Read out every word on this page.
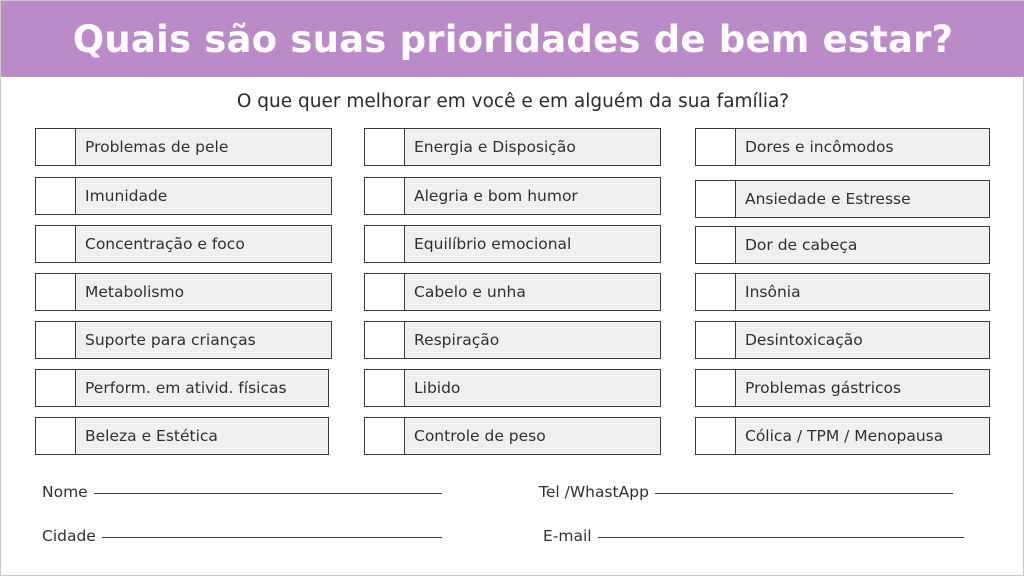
Quais são suas prioridades de bem estar?
O que quer melhorar em você e em alguém da sua família?
Problemas de pele
Imunidade
Concentração e foco
Metabolismo
Suporte para crianças
Perform. em ativid. físicas
Beleza e Estética
Energia e Disposição
Alegria e bom humor
Equilíbrio emocional
Cabelo e unha
Respiração
Libido
Controle de peso
Dores e incômodos
Ansiedade e Estresse
Dor de cabeça
Insônia
Desintoxicação
Problemas gástricos
Cólica / TPM / Menopausa
Nome	Tel /WhastApp
Cidade	E-mail
